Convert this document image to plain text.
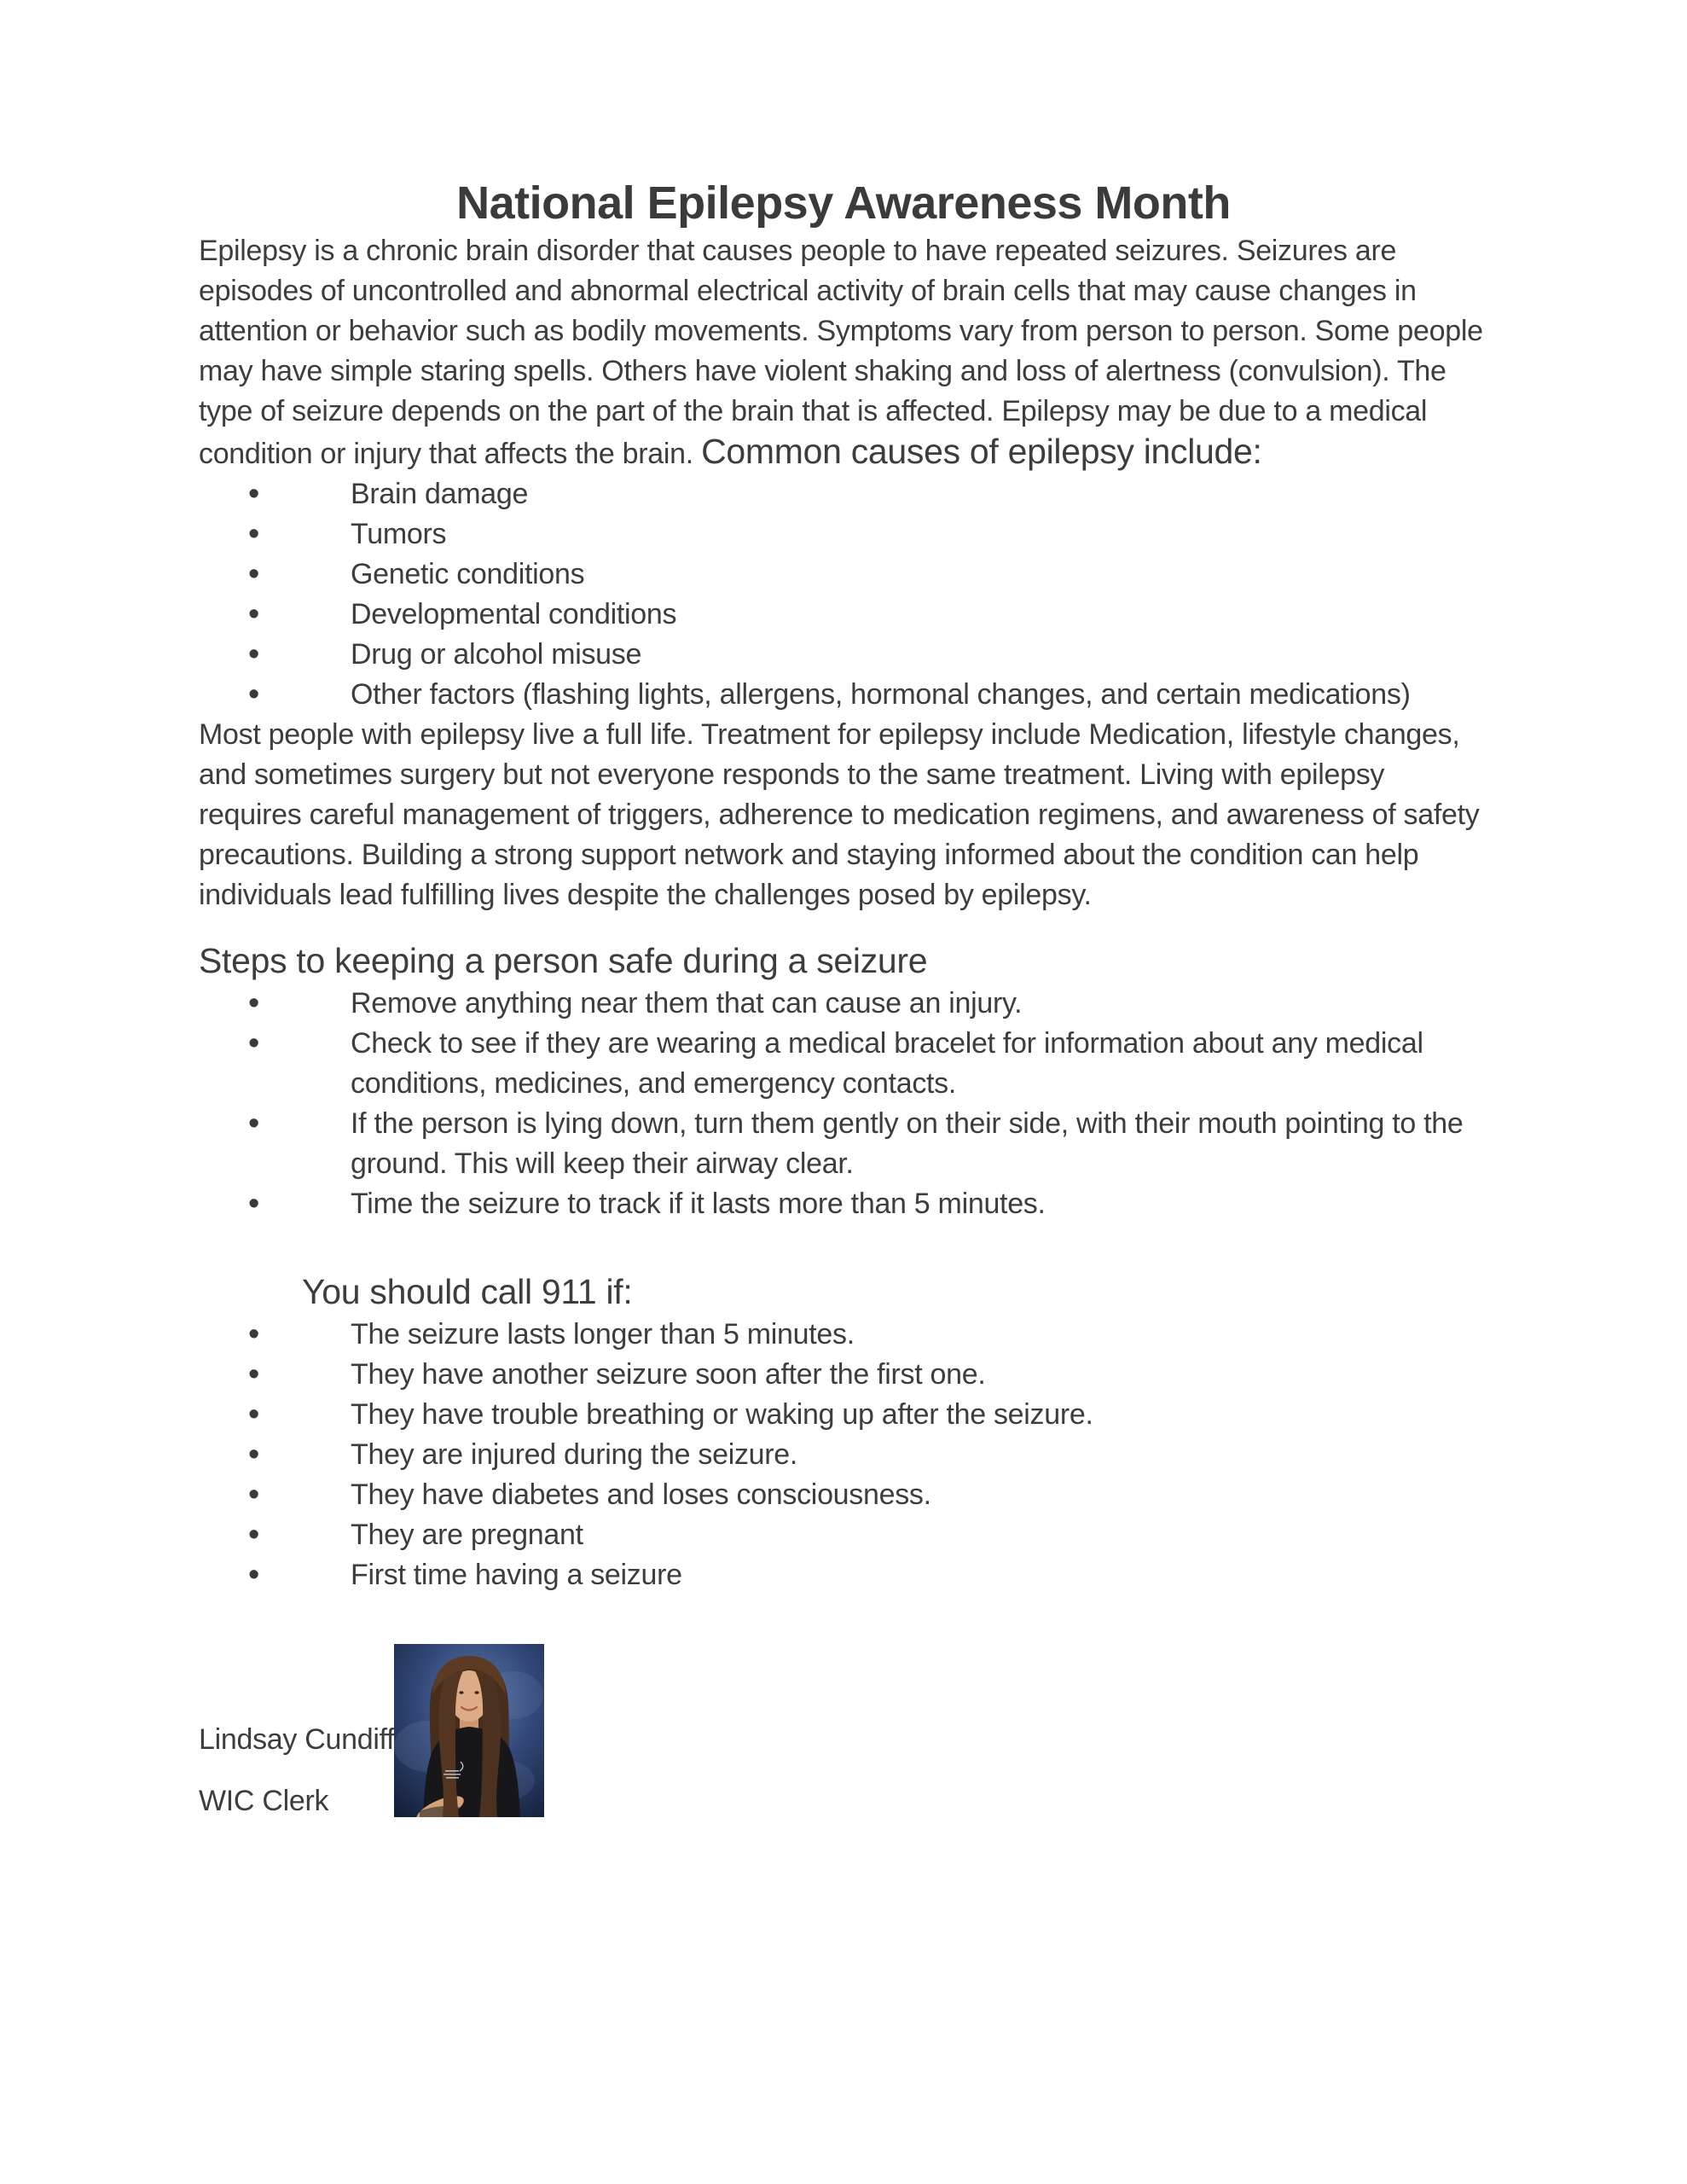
National Epilepsy Awareness Month

Epilepsy is a chronic brain disorder that causes people to have repeated seizures. Seizures are episodes of uncontrolled and abnormal electrical activity of brain cells that may cause changes in attention or behavior such as bodily movements. Symptoms vary from person to person. Some people may have simple staring spells. Others have violent shaking and loss of alertness (convulsion). The type of seizure depends on the part of the brain that is affected. Epilepsy may be due to a medical condition or injury that affects the brain. Common causes of epilepsy include:

• Brain damage
• Tumors
• Genetic conditions
• Developmental conditions
• Drug or alcohol misuse
• Other factors (flashing lights, allergens, hormonal changes, and certain medications)

Most people with epilepsy live a full life. Treatment for epilepsy include Medication, lifestyle changes, and sometimes surgery but not everyone responds to the same treatment. Living with epilepsy requires careful management of triggers, adherence to medication regimens, and awareness of safety precautions. Building a strong support network and staying informed about the condition can help individuals lead fulfilling lives despite the challenges posed by epilepsy.

Steps to keeping a person safe during a seizure

• Remove anything near them that can cause an injury.
• Check to see if they are wearing a medical bracelet for information about any medical conditions, medicines, and emergency contacts.
• If the person is lying down, turn them gently on their side, with their mouth pointing to the ground. This will keep their airway clear.
• Time the seizure to track if it lasts more than 5 minutes.

You should call 911 if:

• The seizure lasts longer than 5 minutes.
• They have another seizure soon after the first one.
• They have trouble breathing or waking up after the seizure.
• They are injured during the seizure.
• They have diabetes and loses consciousness.
• They are pregnant
• First time having a seizure

Lindsay Cundiff

WIC Clerk
